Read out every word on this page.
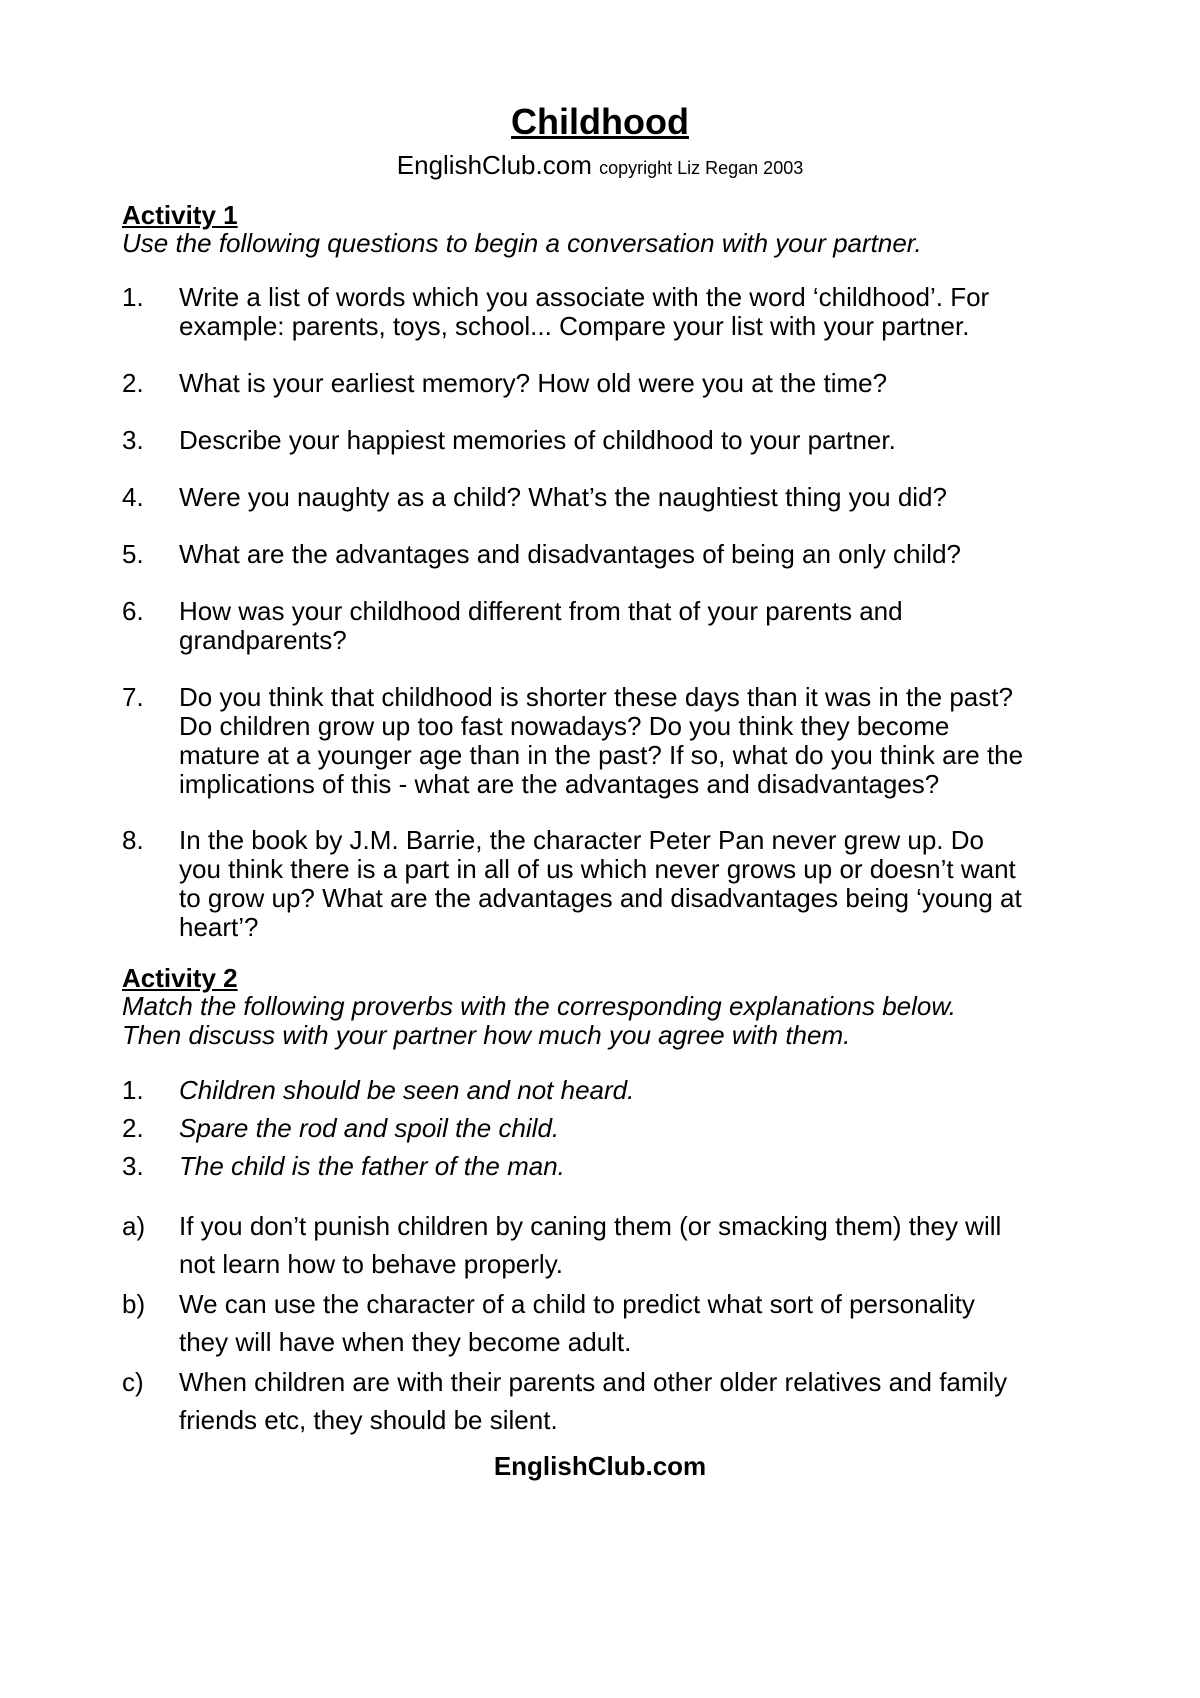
Childhood
EnglishClub.com copyright Liz Regan 2003
Activity 1
Use the following questions to begin a conversation with your partner.
1.	Write a list of words which you associate with the word ‘childhood’. For
example: parents, toys, school... Compare your list with your partner.
2.	What is your earliest memory? How old were you at the time?
3.	Describe your happiest memories of childhood to your partner.
4.	Were you naughty as a child? What’s the naughtiest thing you did?
5.	What are the advantages and disadvantages of being an only child?
6.	How was your childhood different from that of your parents and
grandparents?
7.	Do you think that childhood is shorter these days than it was in the past?
Do children grow up too fast nowadays? Do you think they become
mature at a younger age than in the past? If so, what do you think are the
implications of this - what are the advantages and disadvantages?
8.	In the book by J.M. Barrie, the character Peter Pan never grew up. Do
you think there is a part in all of us which never grows up or doesn’t want
to grow up? What are the advantages and disadvantages being ‘young at
heart’?
Activity 2
Match the following proverbs with the corresponding explanations below.
Then discuss with your partner how much you agree with them.
1.	Children should be seen and not heard.
2.	Spare the rod and spoil the child.
3.	The child is the father of the man.
a)	If you don’t punish children by caning them (or smacking them) they will
not learn how to behave properly.
b)	We can use the character of a child to predict what sort of personality
they will have when they become adult.
c)	When children are with their parents and other older relatives and family
friends etc, they should be silent.
EnglishClub.com
